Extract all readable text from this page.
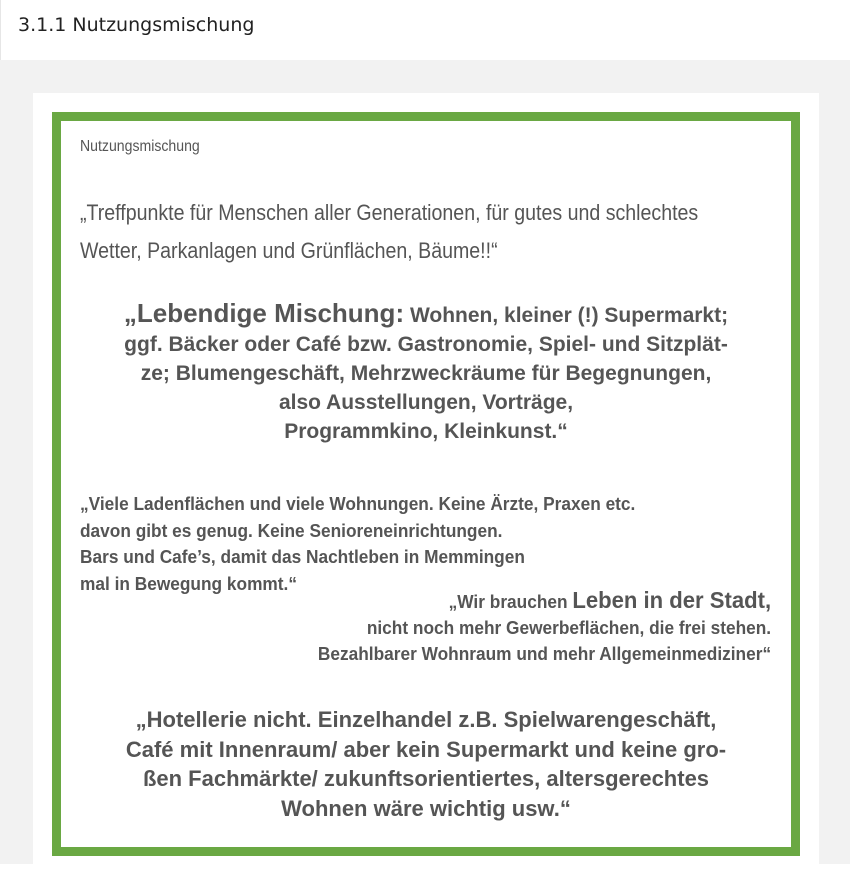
3.1.1 Nutzungsmischung
Nutzungsmischung
„Treffpunkte für Menschen aller Generationen, für gutes und schlechtes
Wetter, Parkanlagen und Grünflächen, Bäume!!“
„Lebendige Mischung: Wohnen, kleiner (!) Supermarkt;
ggf. Bäcker oder Café bzw. Gastronomie, Spiel- und Sitzplät-
ze; Blumengeschäft, Mehrzweckräume für Begegnungen,
also Ausstellungen, Vorträge,
Programmkino, Kleinkunst.“
„Viele Ladenflächen und viele Wohnungen. Keine Ärzte, Praxen etc.
davon gibt es genug. Keine Senioreneinrichtungen.
Bars und Cafe’s, damit das Nachtleben in Memmingen
mal in Bewegung kommt.“
„Wir brauchen Leben in der Stadt,
nicht noch mehr Gewerbeflächen, die frei stehen.
Bezahlbarer Wohnraum und mehr Allgemeinmediziner“
„Hotellerie nicht. Einzelhandel z.B. Spielwarengeschäft,
Café mit Innenraum/ aber kein Supermarkt und keine gro-
ßen Fachmärkte/ zukunftsorientiertes, altersgerechtes
Wohnen wäre wichtig usw.“
